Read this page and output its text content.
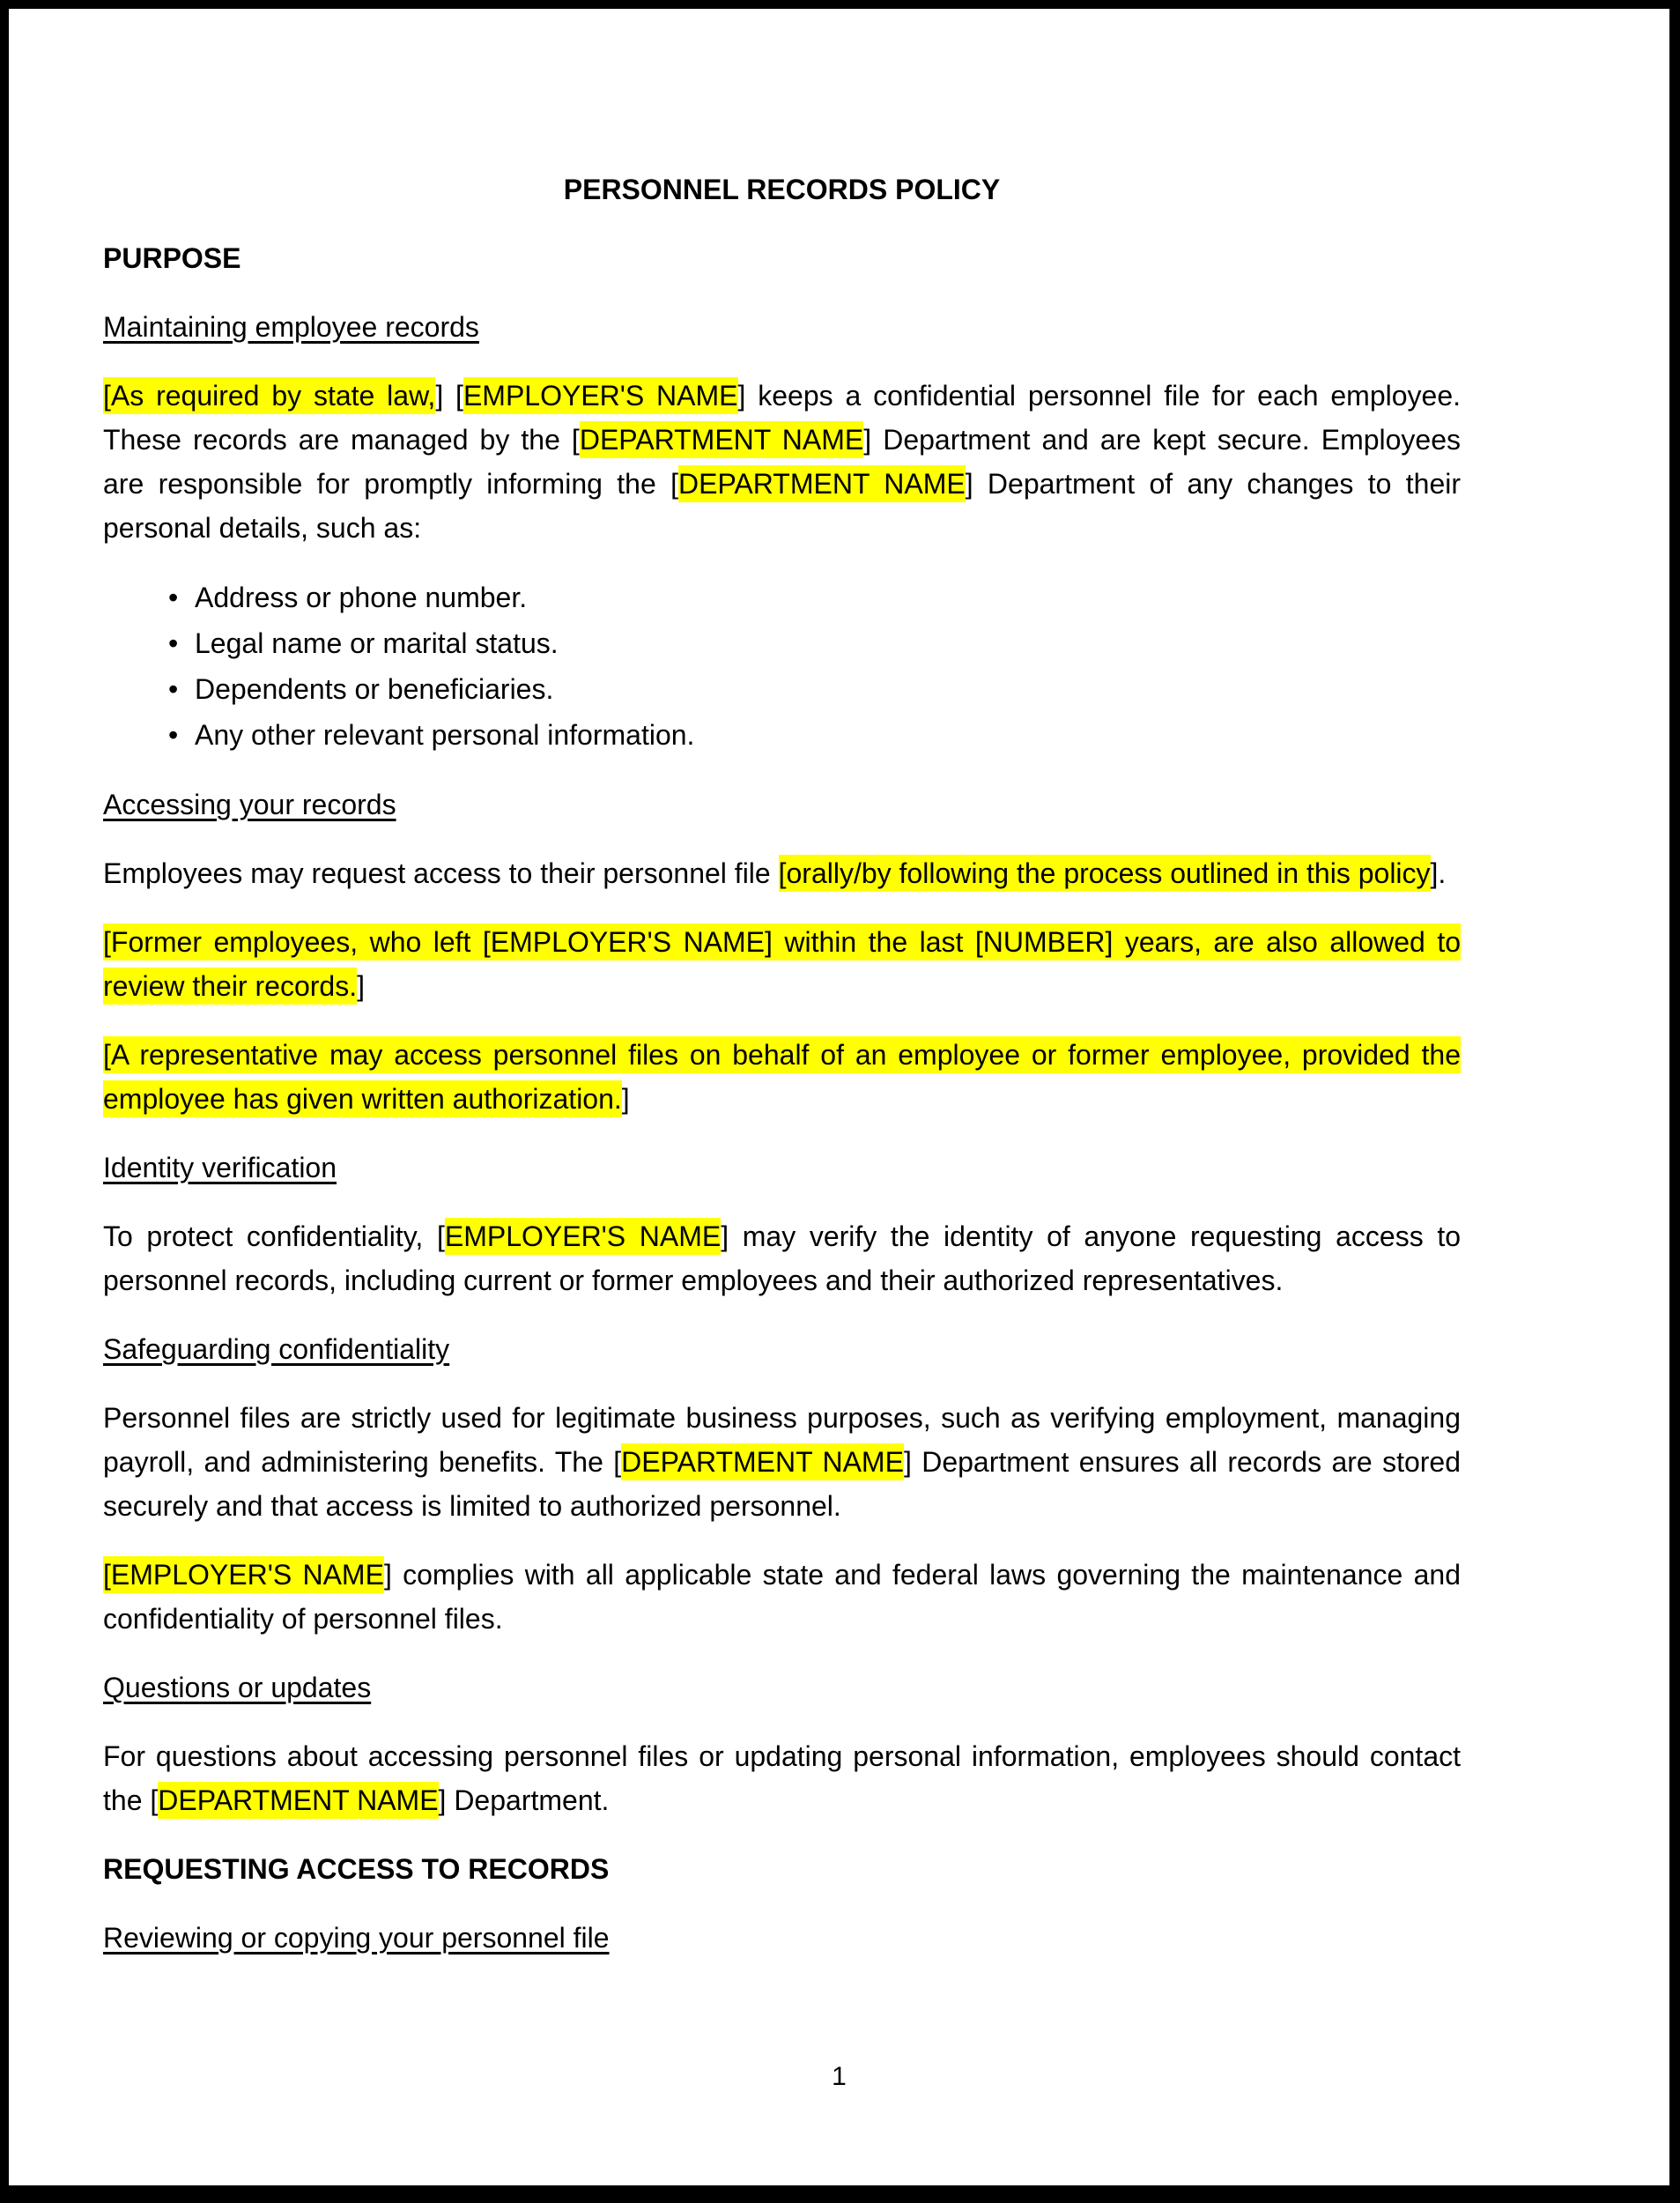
PERSONNEL RECORDS POLICY
PURPOSE
Maintaining employee records

[As required by state law,] [EMPLOYER'S NAME] keeps a confidential personnel file for each employee. These records are managed by the [DEPARTMENT NAME] Department and are kept secure. Employees are responsible for promptly informing the [DEPARTMENT NAME] Department of any changes to their personal details, such as:

• Address or phone number.
• Legal name or marital status.
• Dependents or beneficiaries.
• Any other relevant personal information.
Accessing your records

Employees may request access to their personnel file [orally/by following the process outlined in this policy].

[Former employees, who left [EMPLOYER'S NAME] within the last [NUMBER] years, are also allowed to review their records.]

[A representative may access personnel files on behalf of an employee or former employee, provided the employee has given written authorization.]

Identity verification

To protect confidentiality, [EMPLOYER'S NAME] may verify the identity of anyone requesting access to personnel records, including current or former employees and their authorized representatives.

Safeguarding confidentiality

Personnel files are strictly used for legitimate business purposes, such as verifying employment, managing payroll, and administering benefits. The [DEPARTMENT NAME] Department ensures all records are stored securely and that access is limited to authorized personnel.

[EMPLOYER'S NAME] complies with all applicable state and federal laws governing the maintenance and confidentiality of personnel files.

Questions or updates

For questions about accessing personnel files or updating personal information, employees should contact the [DEPARTMENT NAME] Department.

REQUESTING ACCESS TO RECORDS
Reviewing or copying your personnel file
1
